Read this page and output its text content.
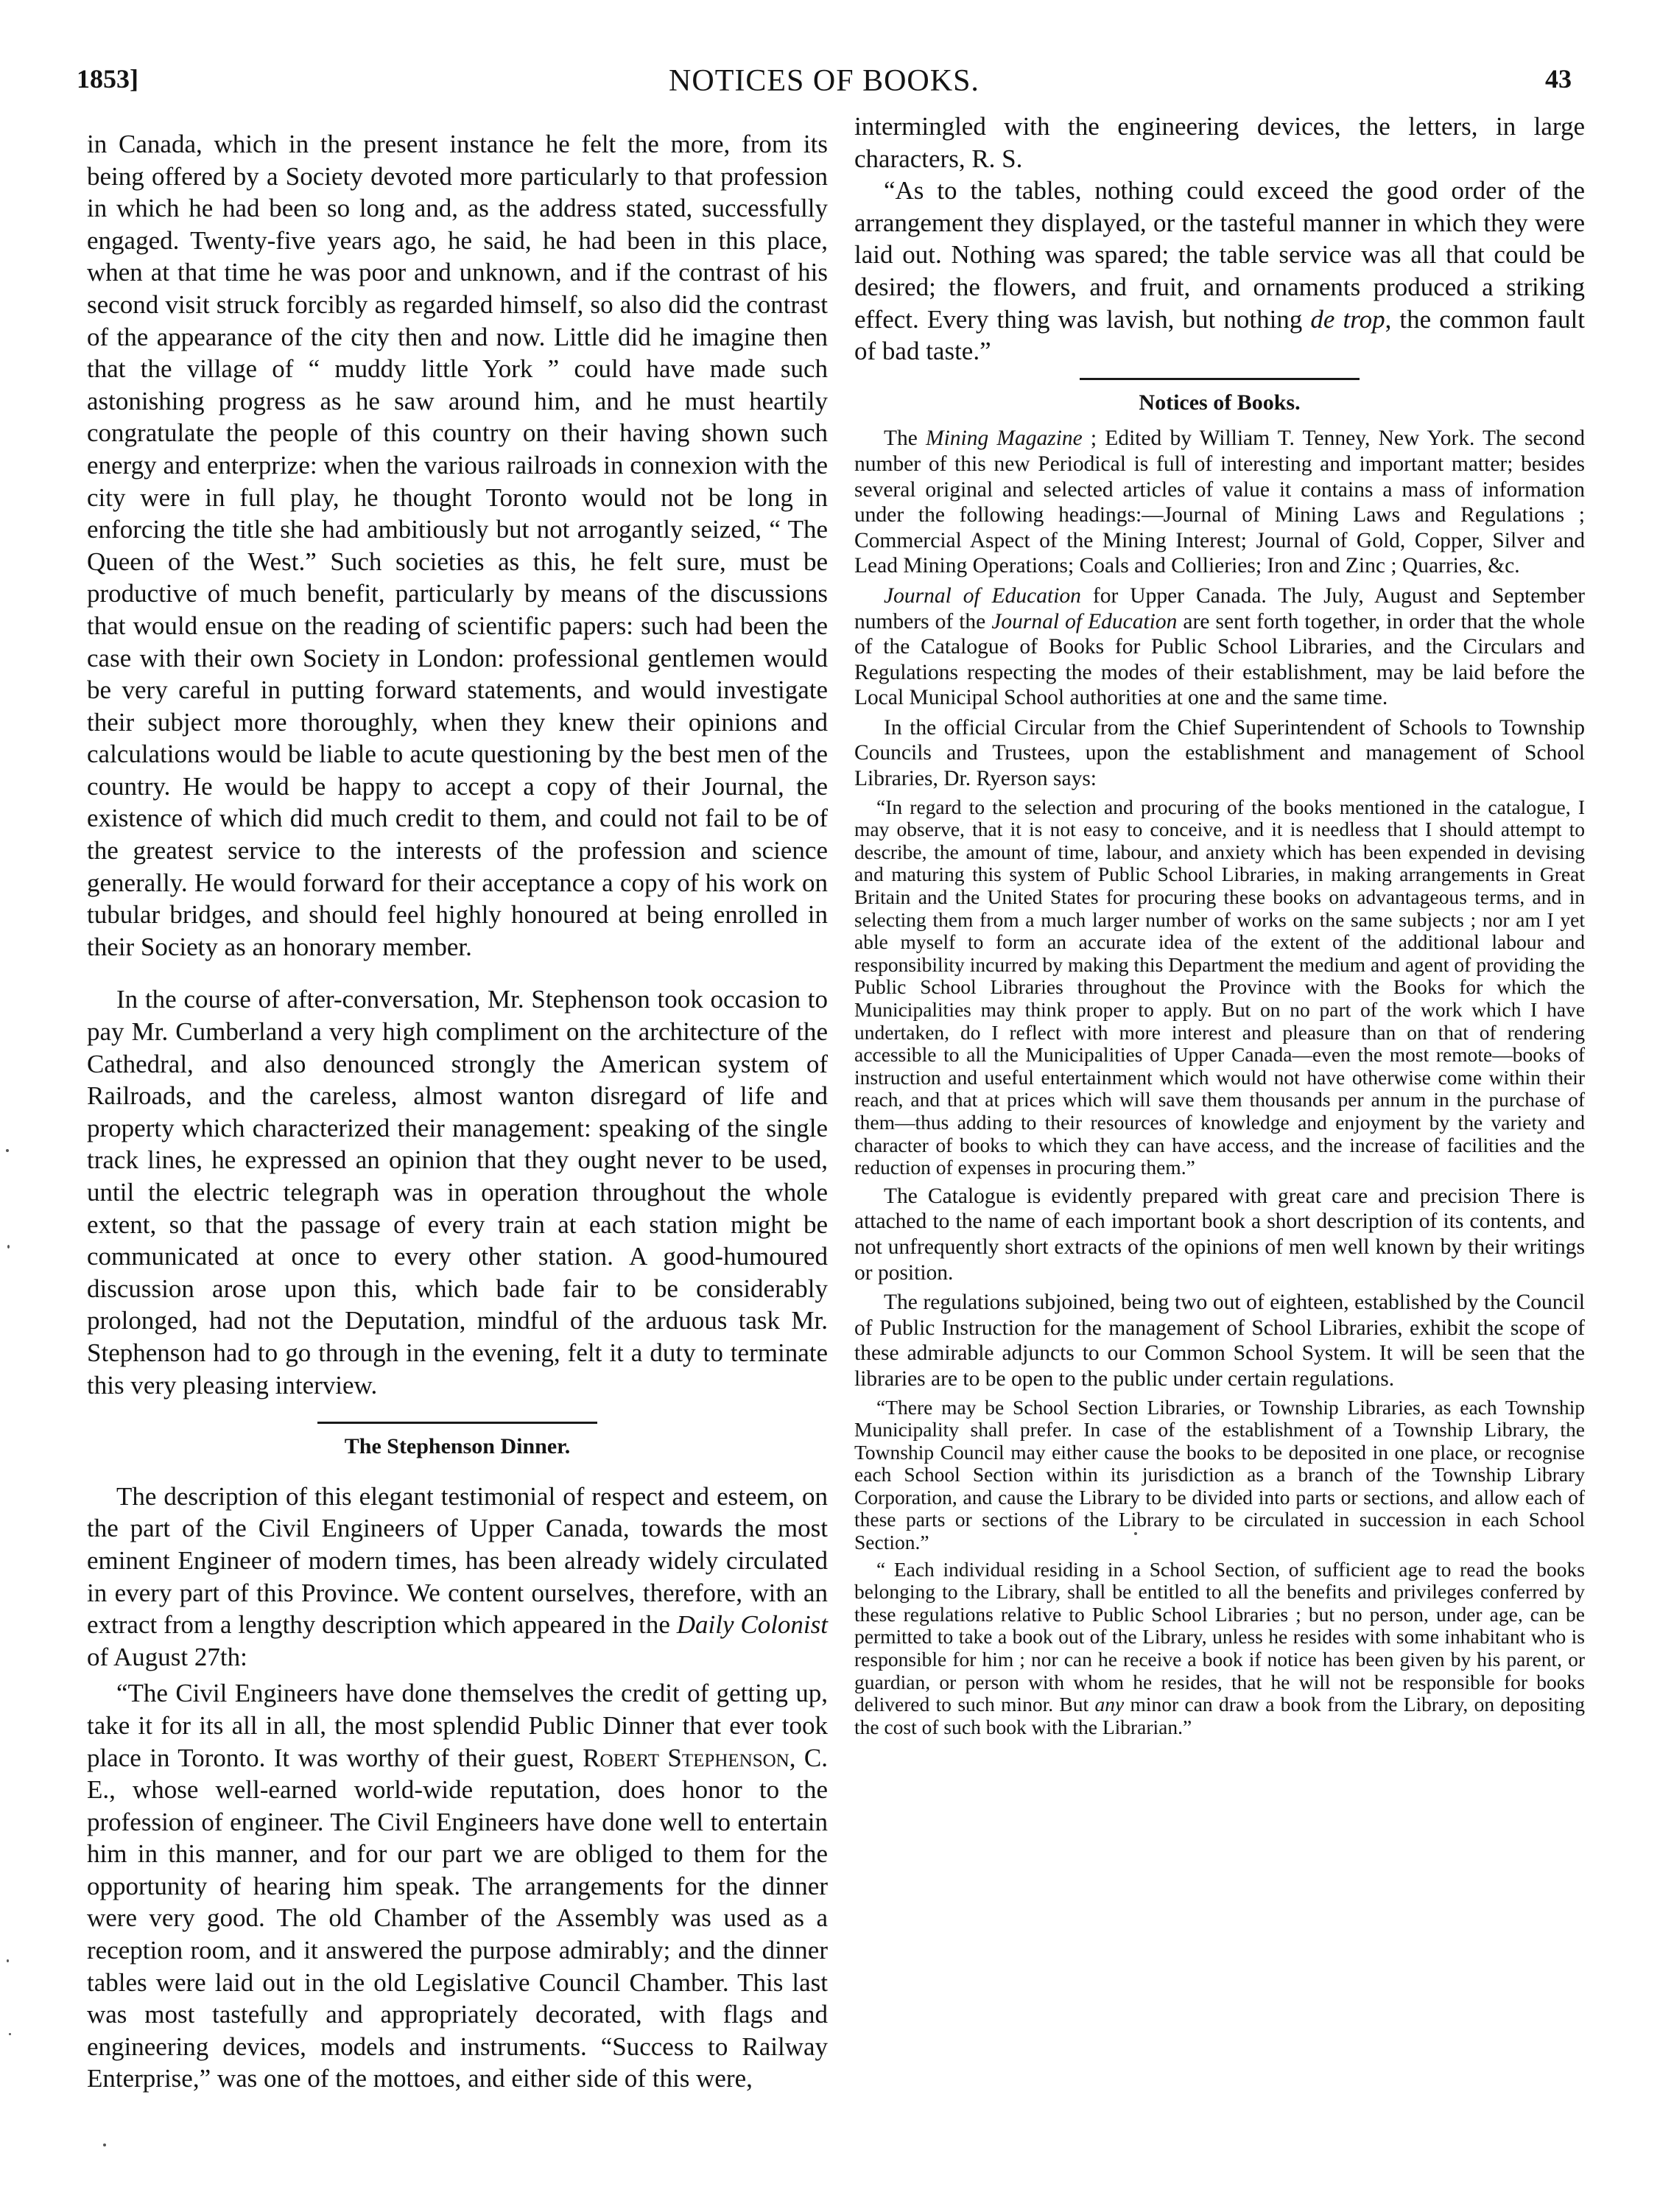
1853]	NOTICES OF BOOKS.	43

in Canada, which in the present instance he felt the more, from its being offered by a Society devoted more particularly to that profession in which he had been so long and, as the address stated, successfully engaged. Twenty-five years ago, he said, he had been in this place, when at that time he was poor and unknown, and if the contrast of his second visit struck forcibly as regarded himself, so also did the contrast of the appearance of the city then and now. Little did he imagine then that the village of “ muddy little York ” could have made such astonishing progress as he saw around him, and he must heartily congratulate the people of this country on their having shown such energy and enterprize: when the various railroads in connexion with the city were in full play, he thought Toronto would not be long in enforcing the title she had ambitiously but not arrogantly seized, “ The Queen of the West.” Such societies as this, he felt sure, must be productive of much benefit, particularly by means of the discussions that would ensue on the reading of scientific papers: such had been the case with their own Society in London: professional gentlemen would be very careful in putting forward statements, and would investigate their subject more thoroughly, when they knew their opinions and calculations would be liable to acute questioning by the best men of the country. He would be happy to accept a copy of their Journal, the existence of which did much credit to them, and could not fail to be of the greatest service to the interests of the profession and science generally. He would forward for their acceptance a copy of his work on tubular bridges, and should feel highly honoured at being enrolled in their Society as an honorary member.

In the course of after-conversation, Mr. Stephenson took occasion to pay Mr. Cumberland a very high compliment on the architecture of the Cathedral, and also denounced strongly the American system of Railroads, and the careless, almost wanton disregard of life and property which characterized their management: speaking of the single track lines, he expressed an opinion that they ought never to be used, until the electric telegraph was in operation throughout the whole extent, so that the passage of every train at each station might be communicated at once to every other station. A good-humoured discussion arose upon this, which bade fair to be considerably prolonged, had not the Deputation, mindful of the arduous task Mr. Stephenson had to go through in the evening, felt it a duty to terminate this very pleasing interview.

The Stephenson Dinner.

The description of this elegant testimonial of respect and esteem, on the part of the Civil Engineers of Upper Canada, towards the most eminent Engineer of modern times, has been already widely circulated in every part of this Province. We content ourselves, therefore, with an extract from a lengthy description which appeared in the Daily Colonist of August 27th:

“The Civil Engineers have done themselves the credit of getting up, take it for its all in all, the most splendid Public Dinner that ever took place in Toronto. It was worthy of their guest, Robert Stephenson, C. E., whose well-earned world-wide reputation, does honor to the profession of engineer. The Civil Engineers have done well to entertain him in this manner, and for our part we are obliged to them for the opportunity of hearing him speak. The arrangements for the dinner were very good. The old Chamber of the Assembly was used as a reception room, and it answered the purpose admirably; and the dinner tables were laid out in the old Legislative Council Chamber. This last was most tastefully and appropriately decorated, with flags and engineering devices, models and instruments. “Success to Railway Enterprise,” was one of the mottoes, and either side of this were,

intermingled with the engineering devices, the letters, in large characters, R. S.

“As to the tables, nothing could exceed the good order of the arrangement they displayed, or the tasteful manner in which they were laid out. Nothing was spared; the table service was all that could be desired; the flowers, and fruit, and ornaments produced a striking effect. Every thing was lavish, but nothing de trop, the common fault of bad taste.”

Notices of Books.

The Mining Magazine ; Edited by William T. Tenney, New York. The second number of this new Periodical is full of interesting and important matter; besides several original and selected articles of value it contains a mass of information under the following headings:—Journal of Mining Laws and Regulations ; Commercial Aspect of the Mining Interest; Journal of Gold, Copper, Silver and Lead Mining Operations; Coals and Collieries; Iron and Zinc ; Quarries, &c.

Journal of Education for Upper Canada. The July, August and September numbers of the Journal of Education are sent forth together, in order that the whole of the Catalogue of Books for Public School Libraries, and the Circulars and Regulations respecting the modes of their establishment, may be laid before the Local Municipal School authorities at one and the same time.

In the official Circular from the Chief Superintendent of Schools to Township Councils and Trustees, upon the establishment and management of School Libraries, Dr. Ryerson says:

“In regard to the selection and procuring of the books mentioned in the catalogue, I may observe, that it is not easy to conceive, and it is needless that I should attempt to describe, the amount of time, labour, and anxiety which has been expended in devising and maturing this system of Public School Libraries, in making arrangements in Great Britain and the United States for procuring these books on advantageous terms, and in selecting them from a much larger number of works on the same subjects ; nor am I yet able myself to form an accurate idea of the extent of the additional labour and responsibility incurred by making this Department the medium and agent of providing the Public School Libraries throughout the Province with the Books for which the Municipalities may think proper to apply. But on no part of the work which I have undertaken, do I reflect with more interest and pleasure than on that of rendering accessible to all the Municipalities of Upper Canada—even the most remote—books of instruction and useful entertainment which would not have otherwise come within their reach, and that at prices which will save them thousands per annum in the purchase of them—thus adding to their resources of knowledge and enjoyment by the variety and character of books to which they can have access, and the increase of facilities and the reduction of expenses in procuring them.”

The Catalogue is evidently prepared with great care and precision There is attached to the name of each important book a short description of its contents, and not unfrequently short extracts of the opinions of men well known by their writings or position.

The regulations subjoined, being two out of eighteen, established by the Council of Public Instruction for the management of School Libraries, exhibit the scope of these admirable adjuncts to our Common School System. It will be seen that the libraries are to be open to the public under certain regulations.

“There may be School Section Libraries, or Township Libraries, as each Township Municipality shall prefer. In case of the establishment of a Township Library, the Township Council may either cause the books to be deposited in one place, or recognise each School Section within its jurisdiction as a branch of the Township Library Corporation, and cause the Library to be divided into parts or sections, and allow each of these parts or sections of the Library to be circulated in succession in each School Section.”

“ Each individual residing in a School Section, of sufficient age to read the books belonging to the Library, shall be entitled to all the benefits and privileges conferred by these regulations relative to Public School Libraries ; but no person, under age, can be permitted to take a book out of the Library, unless he resides with some inhabitant who is responsible for him ; nor can he receive a book if notice has been given by his parent, or guardian, or person with whom he resides, that he will not be responsible for books delivered to such minor. But any minor can draw a book from the Library, on depositing the cost of such book with the Librarian.”
